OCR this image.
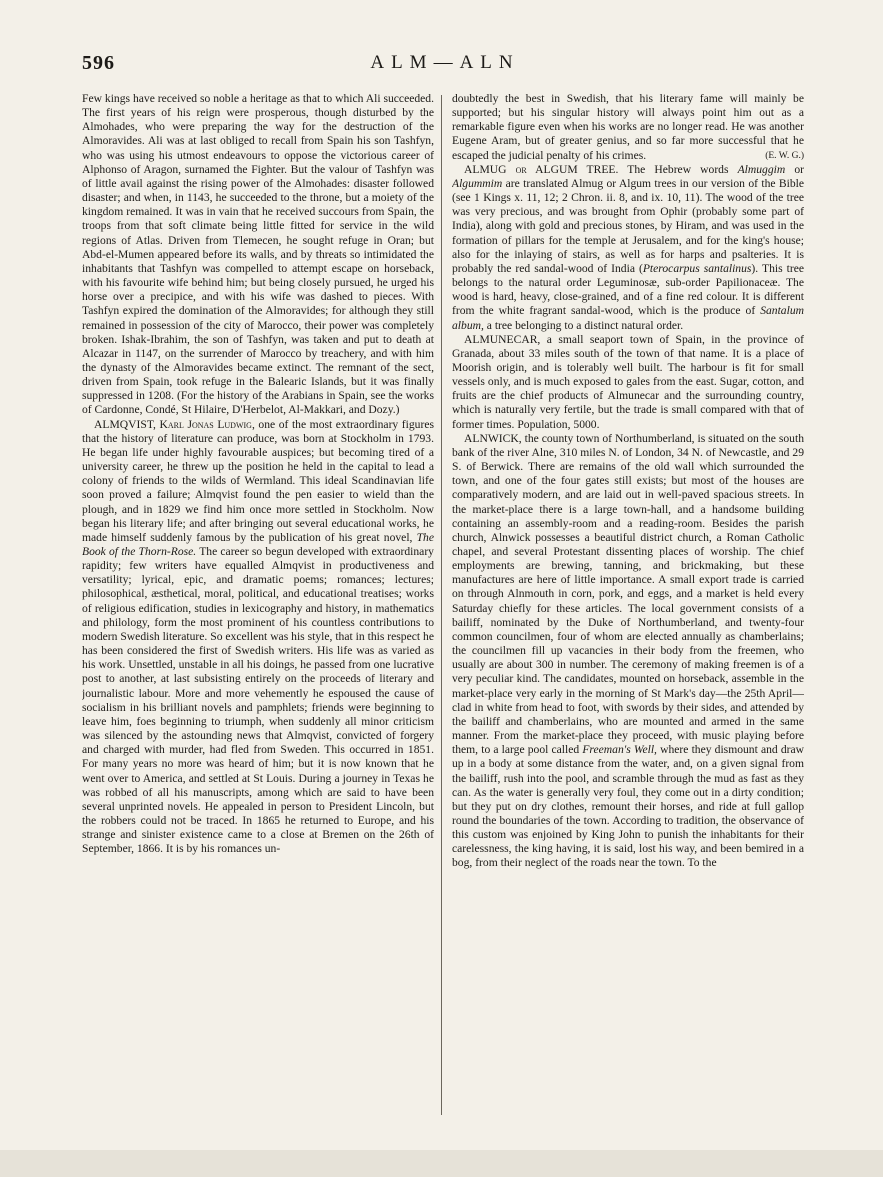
596	ALM—ALN

Few kings have received so noble a heritage as that to which Ali succeeded. The first years of his reign were prosperous, though disturbed by the Almohades, who were preparing the way for the destruction of the Almoravides. Ali was at last obliged to recall from Spain his son Tashfyn, who was using his utmost endeavours to oppose the victorious career of Alphonso of Aragon, surnamed the Fighter. But the valour of Tashfyn was of little avail against the rising power of the Almohades: disaster followed disaster; and when, in 1143, he succeeded to the throne, but a moiety of the kingdom remained. It was in vain that he received succours from Spain, the troops from that soft climate being little fitted for service in the wild regions of Atlas. Driven from Tlemecen, he sought refuge in Oran; but Abd-el-Mumen appeared before its walls, and by threats so intimidated the inhabitants that Tashfyn was compelled to attempt escape on horseback, with his favourite wife behind him; but being closely pursued, he urged his horse over a precipice, and with his wife was dashed to pieces. With Tashfyn expired the domination of the Almoravides; for although they still remained in possession of the city of Marocco, their power was completely broken. Ishak-Ibrahim, the son of Tashfyn, was taken and put to death at Alcazar in 1147, on the surrender of Marocco by treachery, and with him the dynasty of the Almoravides became extinct. The remnant of the sect, driven from Spain, took refuge in the Balearic Islands, but it was finally suppressed in 1208. (For the history of the Arabians in Spain, see the works of Cardonne, Condé, St Hilaire, D'Herbelot, Al-Makkari, and Dozy.)

ALMQVIST, Karl Jonas Ludwig, one of the most extraordinary figures that the history of literature can produce, was born at Stockholm in 1793. He began life under highly favourable auspices; but becoming tired of a university career, he threw up the position he held in the capital to lead a colony of friends to the wilds of Wermland. This ideal Scandinavian life soon proved a failure; Almqvist found the pen easier to wield than the plough, and in 1829 we find him once more settled in Stockholm. Now began his literary life; and after bringing out several educational works, he made himself suddenly famous by the publication of his great novel, The Book of the Thorn-Rose. The career so begun developed with extraordinary rapidity; few writers have equalled Almqvist in productiveness and versatility; lyrical, epic, and dramatic poems; romances; lectures; philosophical, æsthetical, moral, political, and educational treatises; works of religious edification, studies in lexicography and history, in mathematics and philology, form the most prominent of his countless contributions to modern Swedish literature. So excellent was his style, that in this respect he has been considered the first of Swedish writers. His life was as varied as his work. Unsettled, unstable in all his doings, he passed from one lucrative post to another, at last subsisting entirely on the proceeds of literary and journalistic labour. More and more vehemently he espoused the cause of socialism in his brilliant novels and pamphlets; friends were beginning to leave him, foes beginning to triumph, when suddenly all minor criticism was silenced by the astounding news that Almqvist, convicted of forgery and charged with murder, had fled from Sweden. This occurred in 1851. For many years no more was heard of him; but it is now known that he went over to America, and settled at St Louis. During a journey in Texas he was robbed of all his manuscripts, among which are said to have been several unprinted novels. He appealed in person to President Lincoln, but the robbers could not be traced. In 1865 he returned to Europe, and his strange and sinister existence came to a close at Bremen on the 26th of September, 1866. It is by his romances un-

doubtedly the best in Swedish, that his literary fame will mainly be supported; but his singular history will always point him out as a remarkable figure even when his works are no longer read. He was another Eugene Aram, but of greater genius, and so far more successful that he escaped the judicial penalty of his crimes.	(E. W. G.)

ALMUG or ALGUM TREE. The Hebrew words Almuggim or Algummim are translated Almug or Algum trees in our version of the Bible (see 1 Kings x. 11, 12; 2 Chron. ii. 8, and ix. 10, 11). The wood of the tree was very precious, and was brought from Ophir (probably some part of India), along with gold and precious stones, by Hiram, and was used in the formation of pillars for the temple at Jerusalem, and for the king's house; also for the inlaying of stairs, as well as for harps and psalteries. It is probably the red sandal-wood of India (Pterocarpus santalinus). This tree belongs to the natural order Leguminosæ, sub-order Papilionaceæ. The wood is hard, heavy, close-grained, and of a fine red colour. It is different from the white fragrant sandal-wood, which is the produce of Santalum album, a tree belonging to a distinct natural order.

ALMUNECAR, a small seaport town of Spain, in the province of Granada, about 33 miles south of the town of that name. It is a place of Moorish origin, and is tolerably well built. The harbour is fit for small vessels only, and is much exposed to gales from the east. Sugar, cotton, and fruits are the chief products of Almunecar and the surrounding country, which is naturally very fertile, but the trade is small compared with that of former times. Population, 5000.

ALNWICK, the county town of Northumberland, is situated on the south bank of the river Alne, 310 miles N. of London, 34 N. of Newcastle, and 29 S. of Berwick. There are remains of the old wall which surrounded the town, and one of the four gates still exists; but most of the houses are comparatively modern, and are laid out in well-paved spacious streets. In the market-place there is a large town-hall, and a handsome building containing an assembly-room and a reading-room. Besides the parish church, Alnwick possesses a beautiful district church, a Roman Catholic chapel, and several Protestant dissenting places of worship. The chief employments are brewing, tanning, and brickmaking, but these manufactures are here of little importance. A small export trade is carried on through Alnmouth in corn, pork, and eggs, and a market is held every Saturday chiefly for these articles. The local government consists of a bailiff, nominated by the Duke of Northumberland, and twenty-four common councilmen, four of whom are elected annually as chamberlains; the councilmen fill up vacancies in their body from the freemen, who usually are about 300 in number. The ceremony of making freemen is of a very peculiar kind. The candidates, mounted on horseback, assemble in the market-place very early in the morning of St Mark's day—the 25th April—clad in white from head to foot, with swords by their sides, and attended by the bailiff and chamberlains, who are mounted and armed in the same manner. From the market-place they proceed, with music playing before them, to a large pool called Freeman's Well, where they dismount and draw up in a body at some distance from the water, and, on a given signal from the bailiff, rush into the pool, and scramble through the mud as fast as they can. As the water is generally very foul, they come out in a dirty condition; but they put on dry clothes, remount their horses, and ride at full gallop round the boundaries of the town. According to tradition, the observance of this custom was enjoined by King John to punish the inhabitants for their carelessness, the king having, it is said, lost his way, and been bemired in a bog, from their neglect of the roads near the town. To the
